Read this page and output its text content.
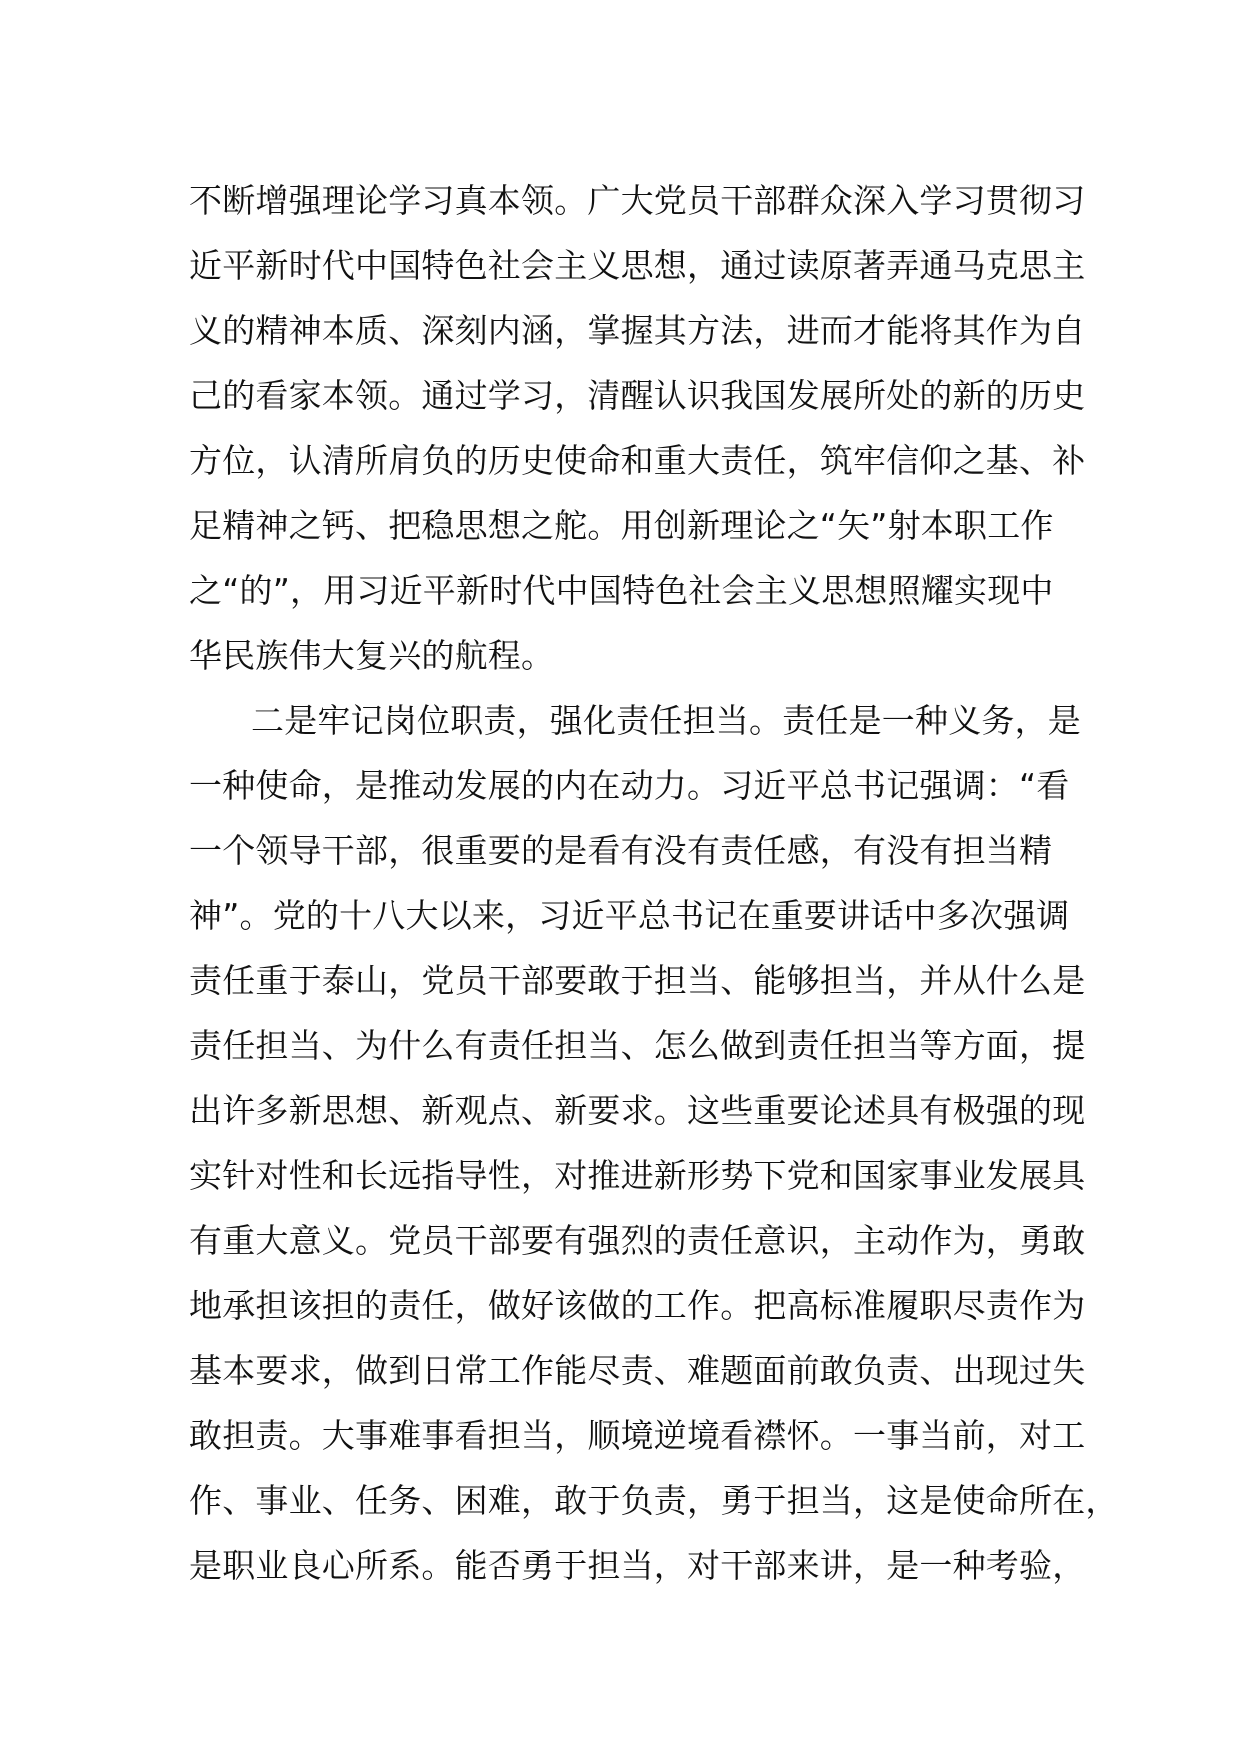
不断增强理论学习真本领。广大党员干部群众深入学习贯彻习
近平新时代中国特色社会主义思想，通过读原著弄通马克思主
义的精神本质、深刻内涵，掌握其方法，进而才能将其作为自
己的看家本领。通过学习，清醒认识我国发展所处的新的历史
方位，认清所肩负的历史使命和重大责任，筑牢信仰之基、补
足精神之钙、把稳思想之舵。用创新理论之“矢”射本职工作
之“的”，用习近平新时代中国特色社会主义思想照耀实现中
华民族伟大复兴的航程。
二是牢记岗位职责，强化责任担当。责任是一种义务，是
一种使命，是推动发展的内在动力。习近平总书记强调：“看
一个领导干部，很重要的是看有没有责任感，有没有担当精
神”。党的十八大以来，习近平总书记在重要讲话中多次强调
责任重于泰山，党员干部要敢于担当、能够担当，并从什么是
责任担当、为什么有责任担当、怎么做到责任担当等方面，提
出许多新思想、新观点、新要求。这些重要论述具有极强的现
实针对性和长远指导性，对推进新形势下党和国家事业发展具
有重大意义。党员干部要有强烈的责任意识，主动作为，勇敢
地承担该担的责任，做好该做的工作。把高标准履职尽责作为
基本要求，做到日常工作能尽责、难题面前敢负责、出现过失
敢担责。大事难事看担当，顺境逆境看襟怀。一事当前，对工
作、事业、任务、困难，敢于负责，勇于担当，这是使命所在，
是职业良心所系。能否勇于担当，对干部来讲，是一种考验，
